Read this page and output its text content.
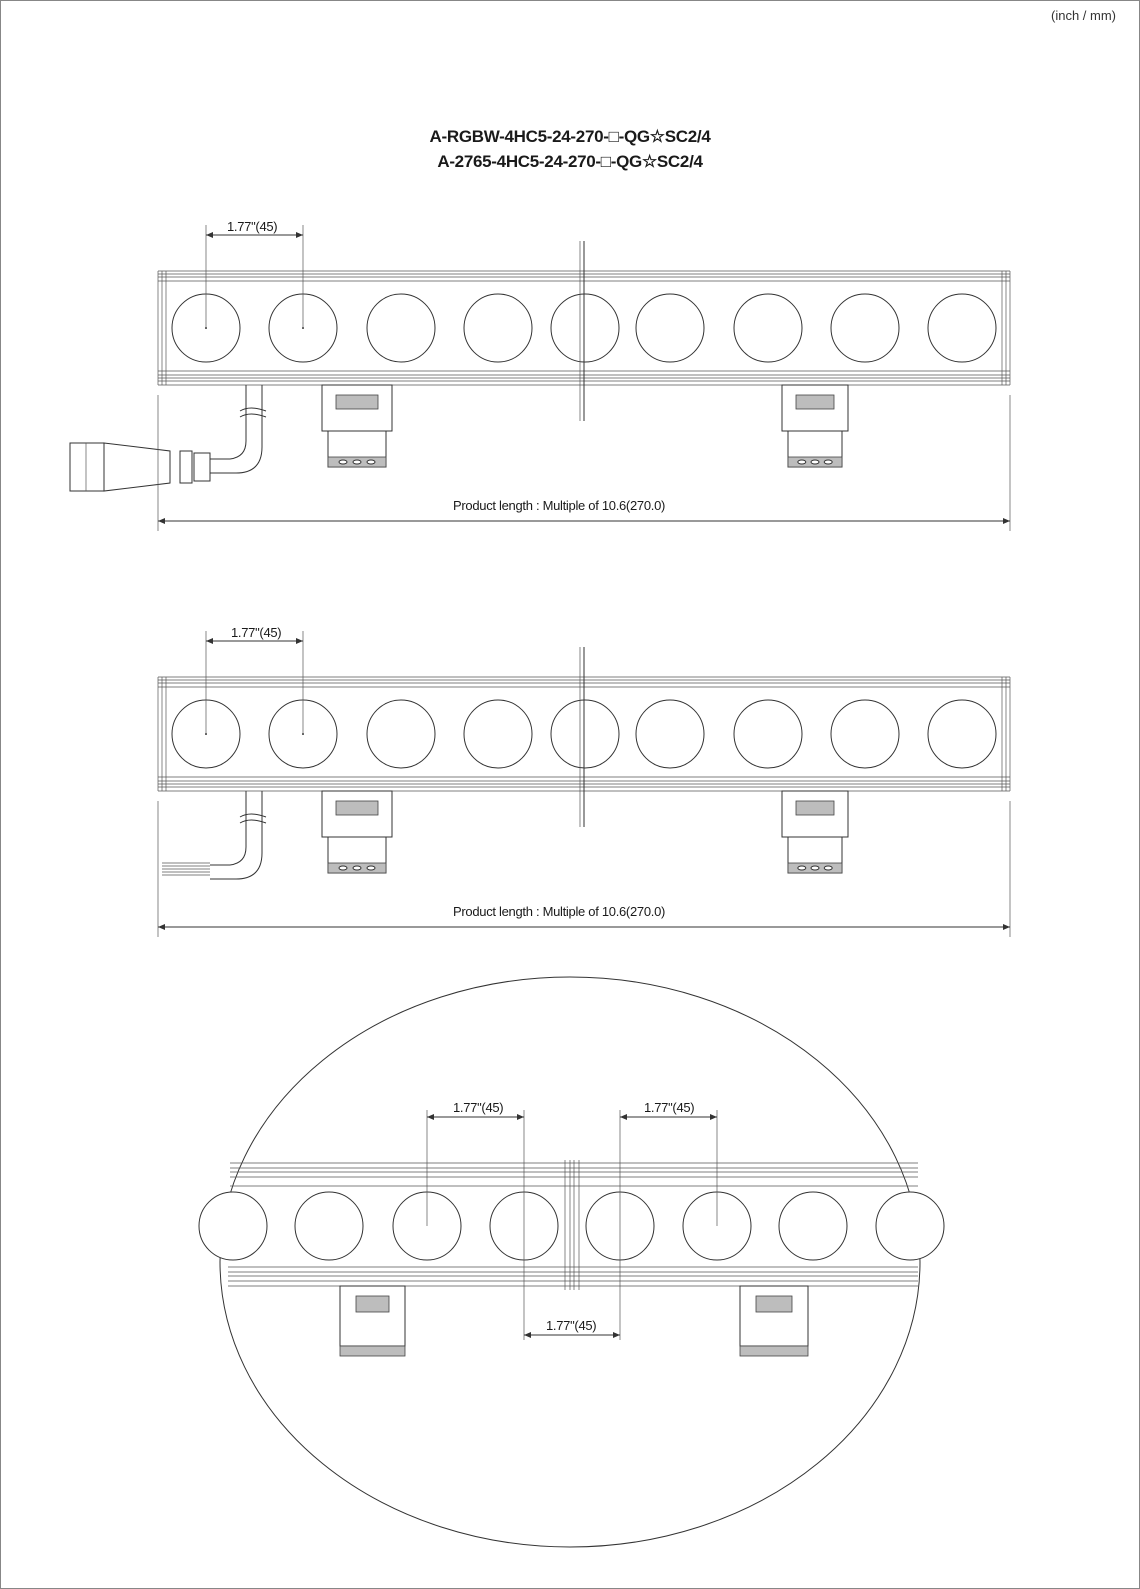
(inch / mm)
A-RGBW-4HC5-24-270-□-QG☆SC2/4
A-2765-4HC5-24-270-□-QG☆SC2/4
1.77"(45)
Product length : Multiple of 10.6(270.0)
1.77"(45)
Product length : Multiple of 10.6(270.0)
1.77"(45)	1.77"(45)
1.77"(45)
